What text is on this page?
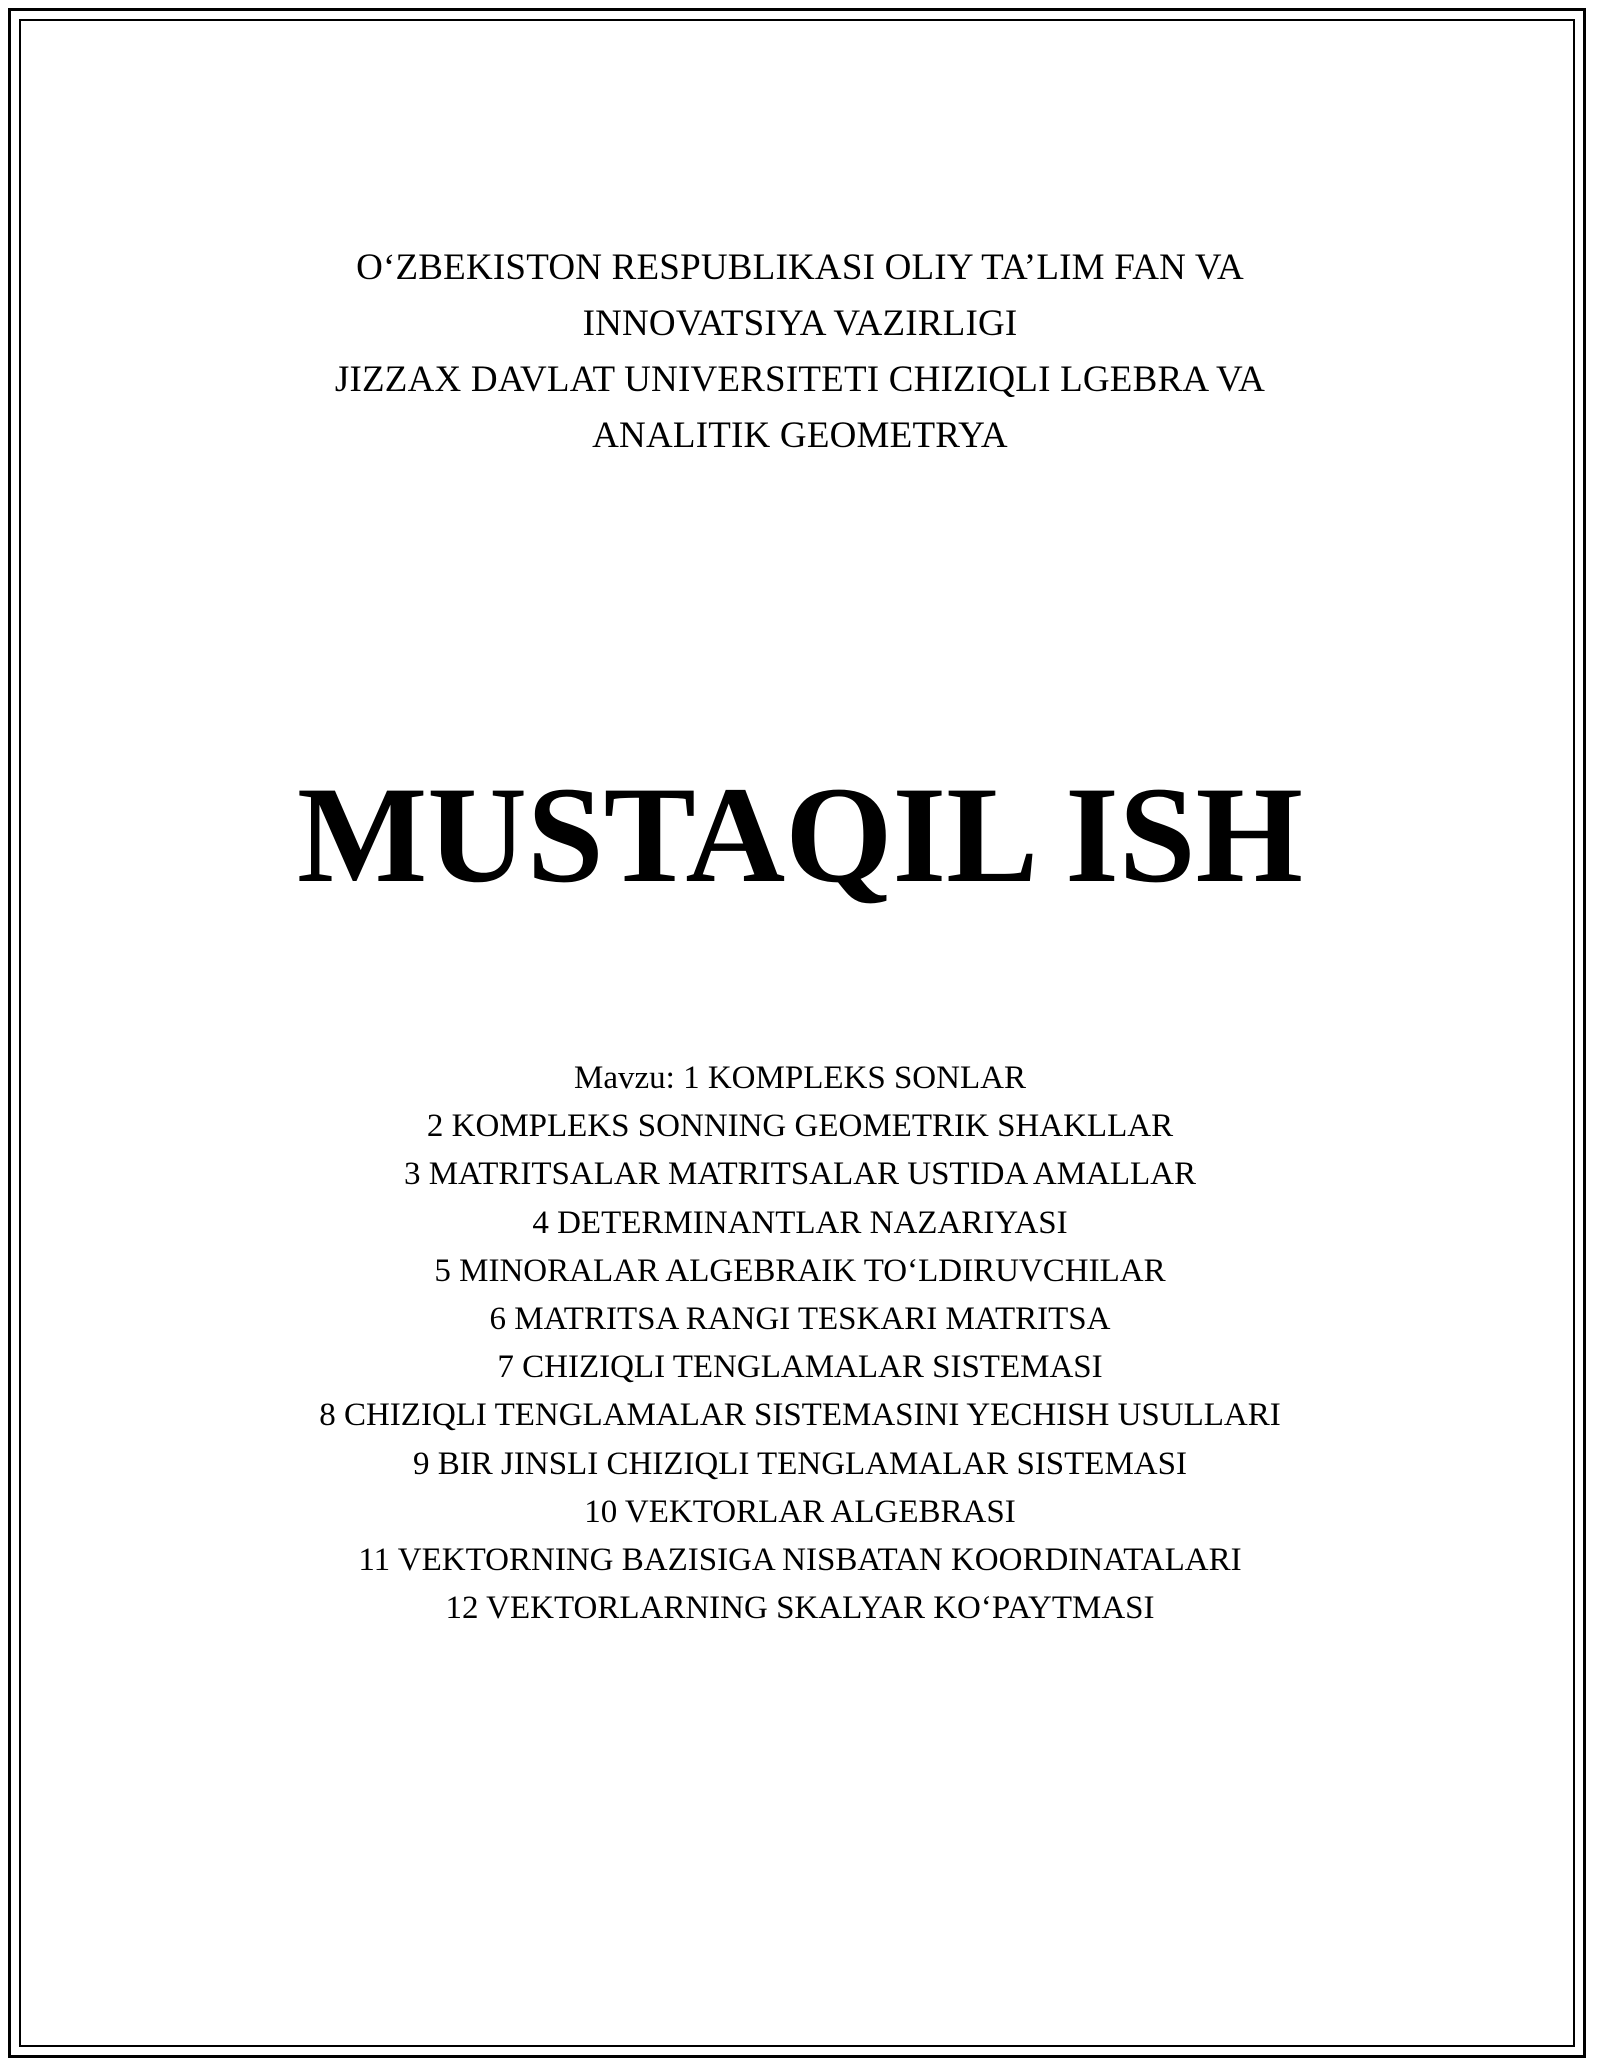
O‘ZBEKISTON RESPUBLIKASI OLIY TA’LIM FAN VA
INNOVATSIYA VAZIRLIGI
JIZZAX DAVLAT UNIVERSITETI CHIZIQLI LGEBRA VA
ANALITIK GEOMETRYA
MUSTAQIL ISH
Mavzu: 1 KOMPLEKS SONLAR
2 KOMPLEKS SONNING GEOMETRIK SHAKLLAR
3 MATRITSALAR MATRITSALAR USTIDA AMALLAR
4 DETERMINANTLAR NAZARIYASI
5 MINORALAR ALGEBRAIK TO‘LDIRUVCHILAR
6 MATRITSA RANGI TESKARI MATRITSA
7 CHIZIQLI TENGLAMALAR SISTEMASI
8 CHIZIQLI TENGLAMALAR SISTEMASINI YECHISH USULLARI
9 BIR JINSLI CHIZIQLI TENGLAMALAR SISTEMASI
10 VEKTORLAR ALGEBRASI
11 VEKTORNING BAZISIGA NISBATAN KOORDINATALARI
12 VEKTORLARNING SKALYAR KO‘PAYTMASI
